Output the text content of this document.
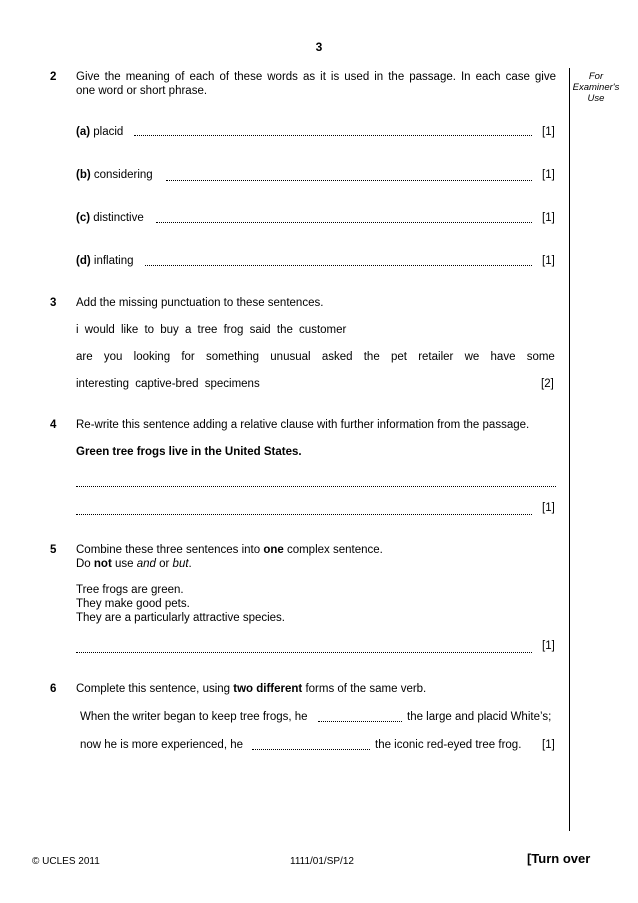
3
For Examiner's Use
2 Give the meaning of each of these words as it is used in the passage. In each case give
one word or short phrase.
(a) placid	[1]
(b) considering	[1]
(c) distinctive	[1]
(d) inflating	[1]
3 Add the missing punctuation to these sentences.
i would like to buy a tree frog said the customer
are you looking for something unusual asked the pet retailer we have some
interesting captive-bred specimens	[2]
4 Re-write this sentence adding a relative clause with further information from the passage.
Green tree frogs live in the United States.
[1]
5 Combine these three sentences into one complex sentence.
Do not use and or but.
Tree frogs are green.
They make good pets.
They are a particularly attractive species.
[1]
6 Complete this sentence, using two different forms of the same verb.
When the writer began to keep tree frogs, he	the large and placid White’s;
now he is more experienced, he	the iconic red-eyed tree frog. [1]
© UCLES 2011	1111/01/SP/12	[Turn over
